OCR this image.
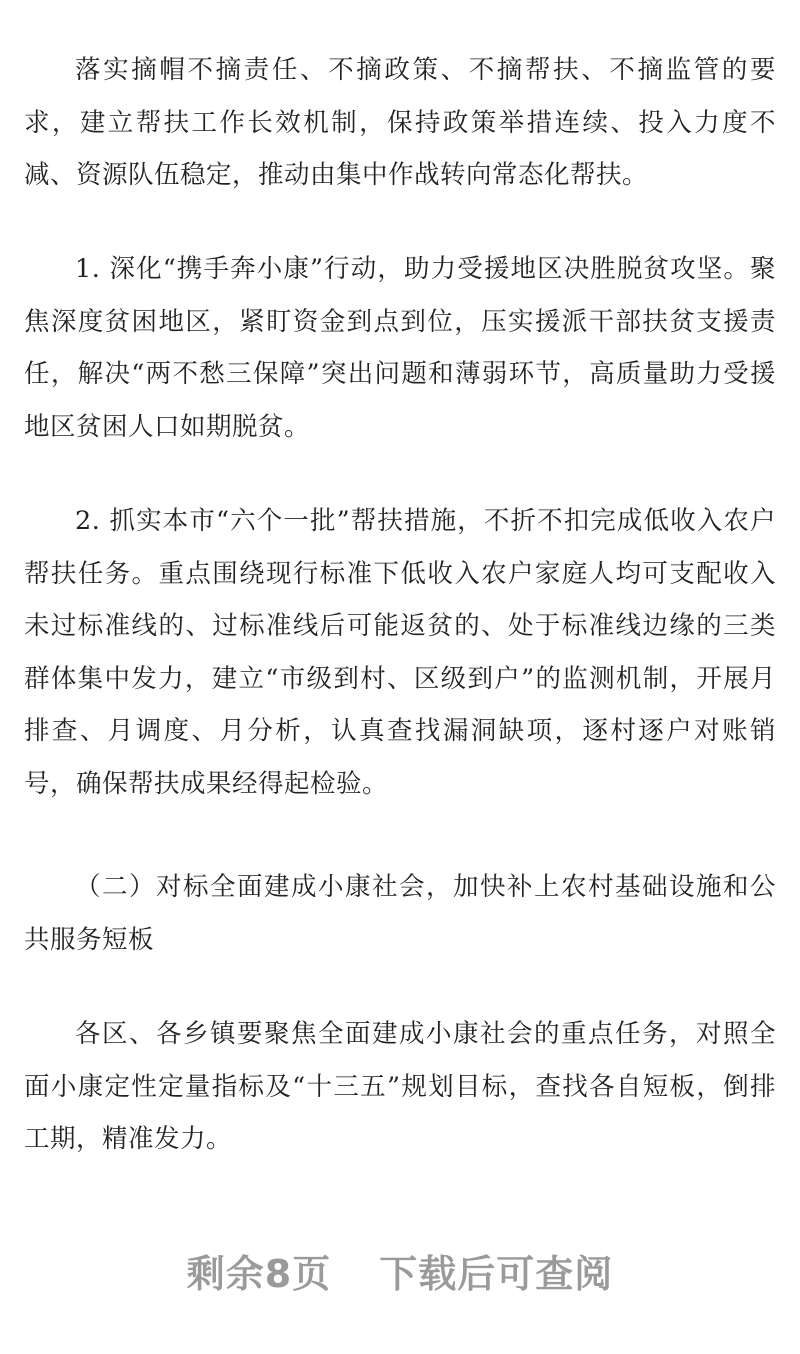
落实摘帽不摘责任、不摘政策、不摘帮扶、不摘监管的要求，建立帮扶工作长效机制，保持政策举措连续、投入力度不减、资源队伍稳定，推动由集中作战转向常态化帮扶。

1. 深化“携手奔小康”行动，助力受援地区决胜脱贫攻坚。聚焦深度贫困地区，紧盯资金到点到位，压实援派干部扶贫支援责任，解决“两不愁三保障”突出问题和薄弱环节，高质量助力受援地区贫困人口如期脱贫。

2. 抓实本市“六个一批”帮扶措施，不折不扣完成低收入农户帮扶任务。重点围绕现行标准下低收入农户家庭人均可支配收入未过标准线的、过标准线后可能返贫的、处于标准线边缘的三类群体集中发力，建立“市级到村、区级到户”的监测机制，开展月排查、月调度、月分析，认真查找漏洞缺项，逐村逐户对账销号，确保帮扶成果经得起检验。

（二）对标全面建成小康社会，加快补上农村基础设施和公共服务短板

各区、各乡镇要聚焦全面建成小康社会的重点任务，对照全面小康定性定量指标及“十三五”规划目标，查找各自短板，倒排工期，精准发力。

剩余8页 下载后可查阅
